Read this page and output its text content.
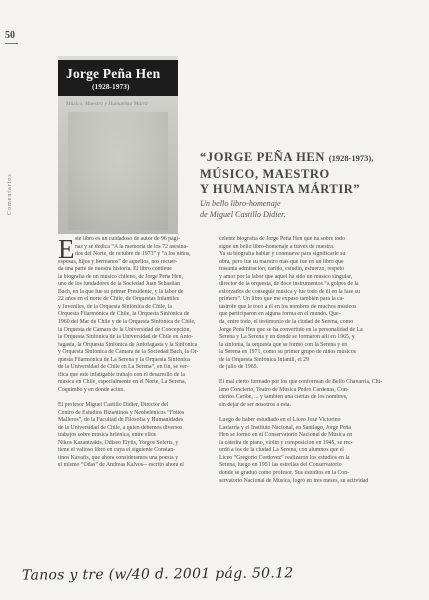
50
Comentarios
Jorge Peña Hen
(1928-1973)
Músico, Maestro y Humanista Mártir
“JORGE PEÑA HEN (1928-1973),
MÚSICO, MAESTRO
Y HUMANISTA MÁRTIR”
Un bello libro-homenaje
de Miguel Castillo Didier.
E ste libro es un cuidadoso de autor de 96 pági-
nas y se dedica “A la memoria de los 72 asesina-
dos del Norte, de octubre de 1973” y “a los niños,
esposas, hijos y hermanos” de aquellos, nos recuer-
da una parte de nuestra historia. El libro contiene
la biografía de un músico chileno, de Jorge Peña Hen,
uno de los fundadores de la Sociedad Juan Sebastián
Bach, en la que fue su primer Presidente, y la labor de
22 años en el norte de Chile, de Orquestas Infantiles
y Juveniles, de la Orquesta Sinfónica de Chile, la
Orquesta Filarmónica de Chile, la Orquesta Sinfónica de
1960 del Mar de Chile y de la Orquesta Sinfónica de Chile,
la Orquesta de Cámara de la Universidad de Concepción,
la Orquesta Sinfónica de la Universidad de Chile en Anto-
fagasta, la Orquesta Sinfónica de Antofagasta y la Sinfónica
y Orquesta Sinfónica de Cámara de la Sociedad Bach, la Or-
questa Filarmónica de La Serena y la Orquesta Sinfónica
de la Universidad de Chile en La Serena”, en fin, se ver-
ifica que este infatigable trabajo con el desarrollo de la
música en Chile, especialmente en el Norte, La Serena,
Coquimbo y en donde actuó.
El profesor Miguel Castillo Didier, Director del
Centro de Estudios Bizantinos y Neohelénicos “Fotios
Malleros”, de la Facultad de Filosofía y Humanidades
de la Universidad de Chile, a quien debemos diversos
trabajos sobre música helénica, entre ellos
Nikos Kazantzakis, Odiseo Elytis, Yorgos Seferis, y
tiene el valioso libro en cuya el siguiente Constan-
tinos Kavafis, que ahora consideramos una poesía y
el mismo “Odas” de Andreas Kalvos-- escrito ahora el
celente biografía de Jorge Peña Hen que ha sobre todo
sigue un bello libro-homenaje a través de nuestra.
Ya su biografía hablar y conmueve para significarle su
obra, pero fue su maestro más que fue en un libro que
trasunta admiración, cariño, estudio, esfuerzo, respeto
y amor por la labor que aquel ha sido un músico singular,
director de la orquesta, de doce instrumentos “a golpes de la
esforzados de conseguir música y fue todo de él en la fase su
primero”. Un libro que me expuso también para la ca-
tástrofe que le tocó a él en los nombres de muchos músicos
que participaron en alguna forma en el mundo. Que-
da, entre todo, el testimonio de la ciudad de Serena, como
Jorge Peña Hen que se ha convertido en la personalidad de La
Serena y La Serena y en donde se formaron allí en 1965, y
la sinfonía, la orquesta que se formó con la Serena y en
la Serena en 1971, como su primer grupo de niños músicos
de la Orquesta Sinfónica Infantil, el 29
de julio de 1965.
El mal cierto formado por los que conforman de Bello Chavarría, Chi-
leno Concierto, Teatro de Música Pedro Cárdenas, Con-
ciertos Caribe, ... y también una ciertas de los nombres,
sin dejar de ser nosotros a esta.
Luego de haber estudiado en el Liceo José Victorino
Lastarria y el Instituto Nacional, en Santiago, Jorge Peña
Hen se formó en el Conservatorio Nacional de Música en
la cátedra de piano, violín y composición en 1945, se rec-
ordó a los de la ciudad La Serena, con alumnos que el
Liceo “Gregorio Cordovez” realizaron los estudios en la
Serena, luego en 1951 las estrellas del Conservatorio
donde se graduó como profesor. Sus estudios en la Con-
servatorio Nacional de Música, logró en tres meses, su actividad
Tanos y tre (w/40 d. 2001 pág. 50.12
